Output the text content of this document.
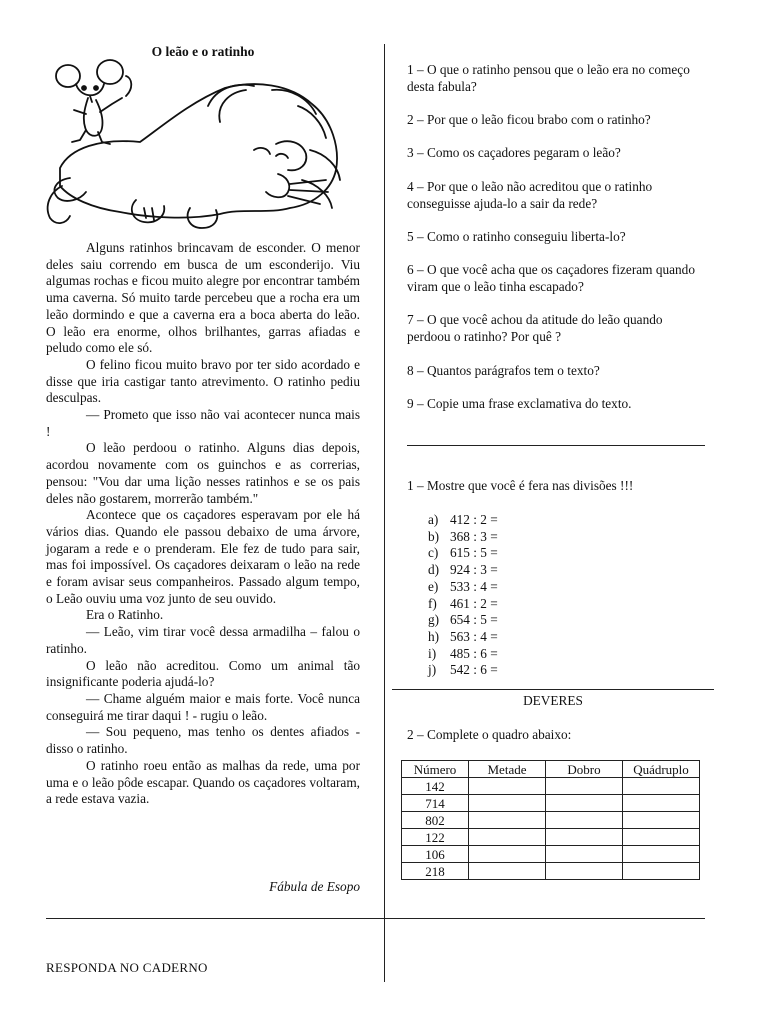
O leão e o ratinho

Alguns ratinhos brincavam de esconder. O menor deles saiu correndo em busca de um esconderijo. Viu algumas rochas e ficou muito alegre por encontrar também uma caverna. Só muito tarde percebeu que a rocha era um leão dormindo e que a caverna era a boca aberta do leão. O leão era enorme, olhos brilhantes, garras afiadas e peludo como ele só.

O felino ficou muito bravo por ter sido acordado e disse que iria castigar tanto atrevimento. O ratinho pediu desculpas.

— Prometo que isso não vai acontecer nunca mais !

O leão perdoou o ratinho. Alguns dias depois, acordou novamente com os guinchos e as correrias, pensou: "Vou dar uma lição nesses ratinhos e se os pais deles não gostarem, morrerão também."

Acontece que os caçadores esperavam por ele há vários dias. Quando ele passou debaixo de uma árvore, jogaram a rede e o prenderam. Ele fez de tudo para sair, mas foi impossível. Os caçadores deixaram o leão na rede e foram avisar seus companheiros. Passado algum tempo, o Leão ouviu uma voz junto de seu ouvido.

Era o Ratinho.

— Leão, vim tirar você dessa armadilha – falou o ratinho.

O leão não acreditou. Como um animal tão insignificante poderia ajudá-lo?

— Chame alguém maior e mais forte. Você nunca conseguirá me tirar daqui ! - rugiu o leão.

— Sou pequeno, mas tenho os dentes afiados - disso o ratinho.

O ratinho roeu então as malhas da rede, uma por uma e o leão pôde escapar. Quando os caçadores voltaram, a rede estava vazia.

Fábula de Esopo
RESPONDA NO CADERNO

1 – O que o ratinho pensou que o leão era no começo desta fabula?

2 – Por que o leão ficou brabo com o ratinho?

3 – Como os caçadores pegaram o leão?

4 – Por que o leão não acreditou que o ratinho conseguisse ajuda-lo a sair da rede?

5 – Como o ratinho conseguiu liberta-lo?

6 – O que você acha que os caçadores fizeram quando viram que o leão tinha escapado?

7 – O que você achou da atitude do leão quando perdoou o ratinho? Por quê ?

8 – Quantos parágrafos tem o texto?

9 – Copie uma frase exclamativa do texto.

1 – Mostre que você é fera nas divisões !!!
a) 412 : 2 =
b) 368 : 3 =
c) 615 : 5 =
d) 924 : 3 =
e) 533 : 4 =
f) 461 : 2 =
g) 654 : 5 =
h) 563 : 4 =
i)	485 : 6 =
j)	542 : 6 =
DEVERES
2 – Complete o quadro abaixo:
Número	Metade	Dobro	Quádruplo
142			
714			
802			
122			
106			
218			
